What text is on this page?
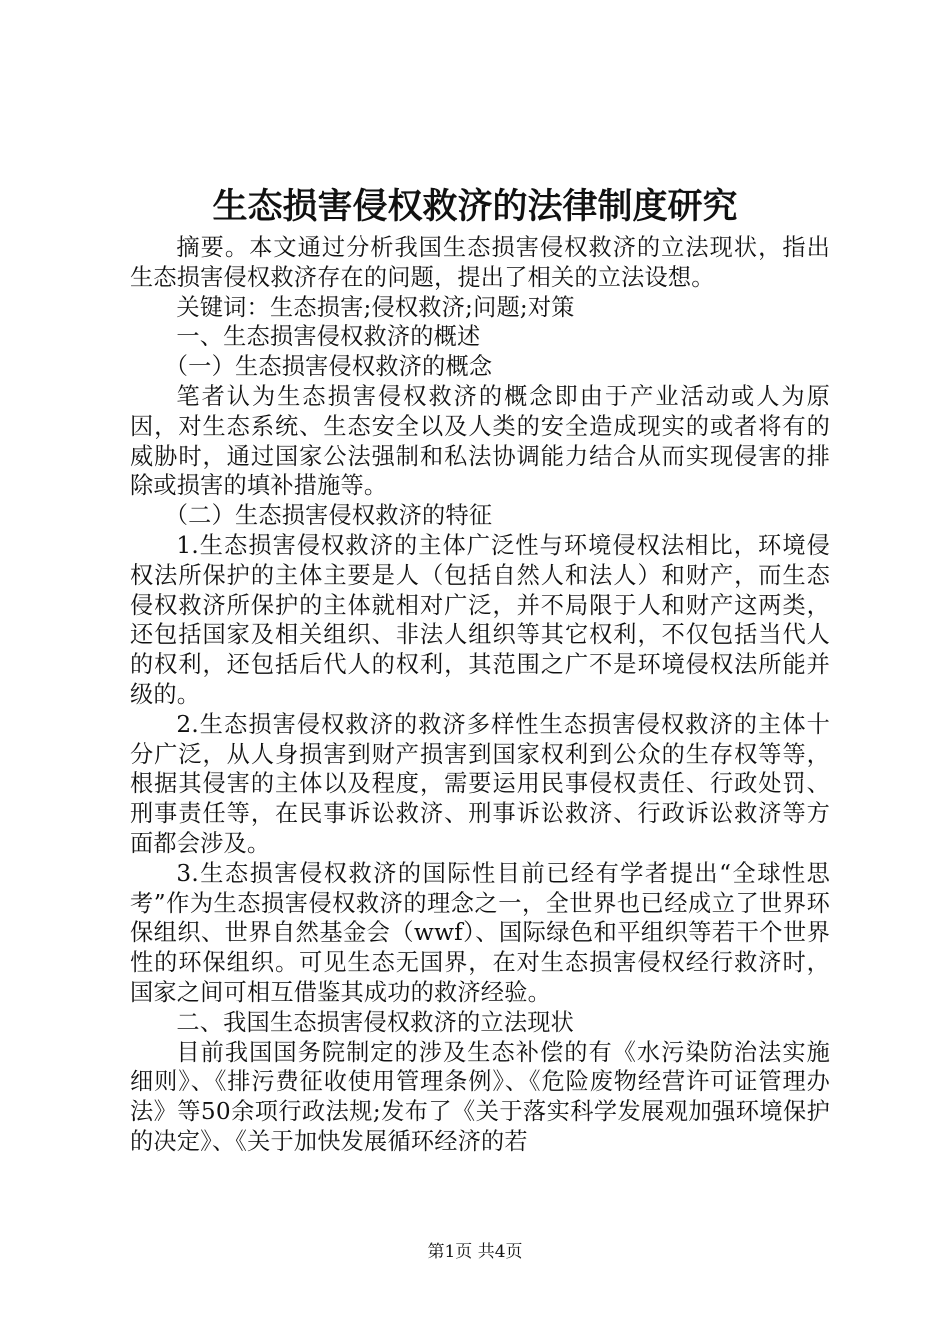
生态损害侵权救济的法律制度研究

摘要。本文通过分析我国生态损害侵权救济的立法现状，指出生态损害侵权救济存在的问题，提出了相关的立法设想。

关键词：生态损害;侵权救济;问题;对策

一、生态损害侵权救济的概述

（一）生态损害侵权救济的概念

笔者认为生态损害侵权救济的概念即由于产业活动或人为原因，对生态系统、生态安全以及人类的安全造成现实的或者将有的威胁时，通过国家公法强制和私法协调能力结合从而实现侵害的排除或损害的填补措施等。

（二）生态损害侵权救济的特征

1.生态损害侵权救济的主体广泛性与环境侵权法相比，环境侵权法所保护的主体主要是人（包括自然人和法人）和财产，而生态侵权救济所保护的主体就相对广泛，并不局限于人和财产这两类，还包括国家及相关组织、非法人组织等其它权利，不仅包括当代人的权利，还包括后代人的权利，其范围之广不是环境侵权法所能并级的。

2.生态损害侵权救济的救济多样性生态损害侵权救济的主体十分广泛，从人身损害到财产损害到国家权利到公众的生存权等等，根据其侵害的主体以及程度，需要运用民事侵权责任、行政处罚、刑事责任等，在民事诉讼救济、刑事诉讼救济、行政诉讼救济等方面都会涉及。

3.生态损害侵权救济的国际性目前已经有学者提出“全球性思考”作为生态损害侵权救济的理念之一，全世界也已经成立了世界环保组织、世界自然基金会（wwf）、国际绿色和平组织等若干个世界性的环保组织。可见生态无国界，在对生态损害侵权经行救济时，国家之间可相互借鉴其成功的救济经验。

二、我国生态损害侵权救济的立法现状

目前我国国务院制定的涉及生态补偿的有《水污染防治法实施细则》、《排污费征收使用管理条例》、《危险废物经营许可证管理办法》等50余项行政法规;发布了《关于落实科学发展观加强环境保护的决定》、《关于加快发展循环经济的若

第1页 共4页
